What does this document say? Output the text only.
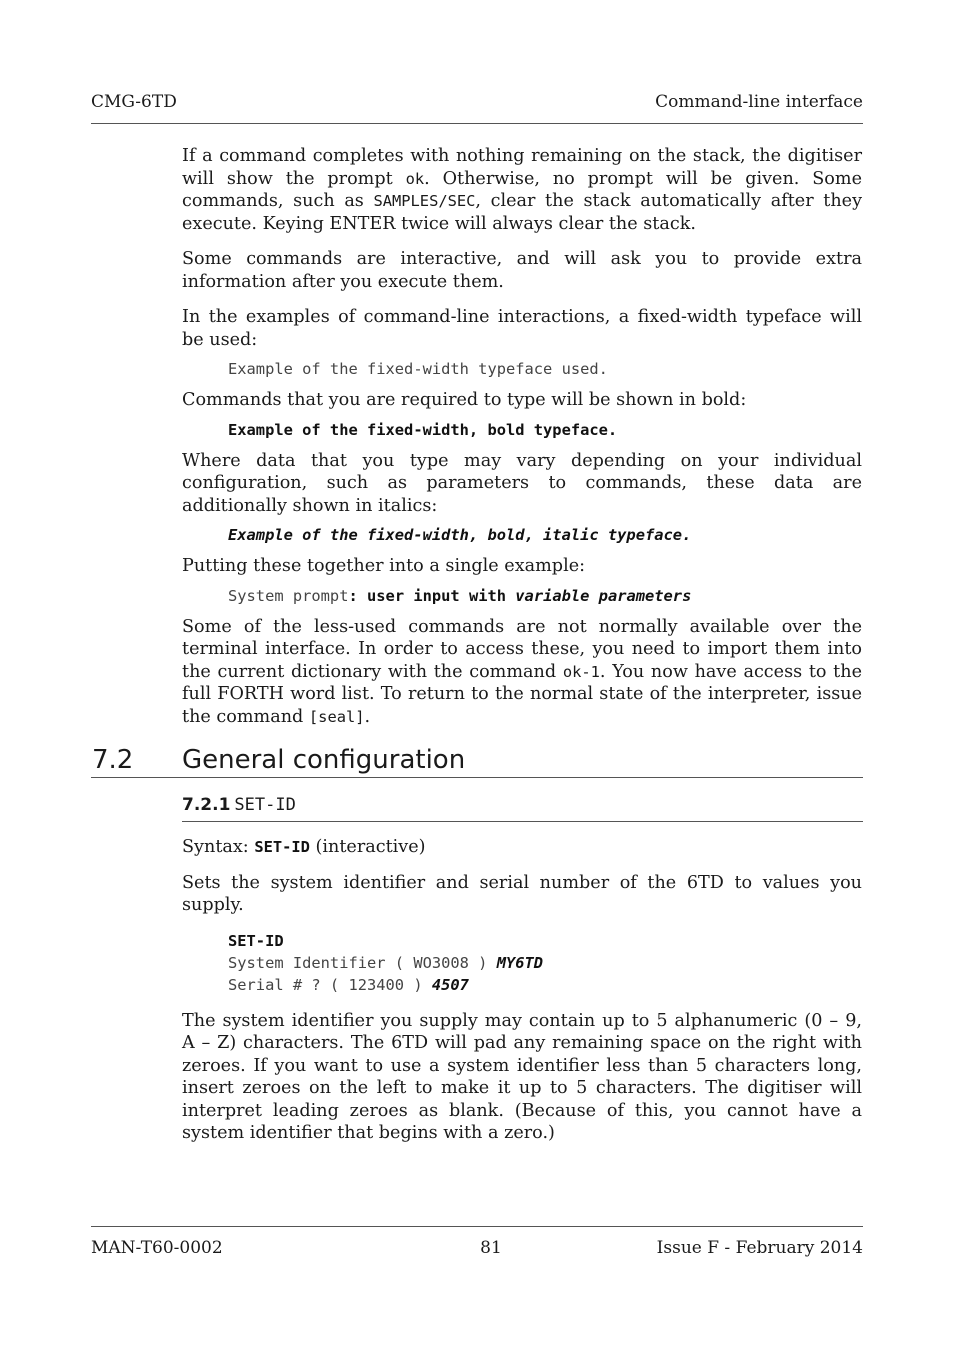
CMG-6TD	Command-line interface

If a command completes with nothing remaining on the stack, the digitiser will show the prompt ok. Otherwise, no prompt will be given. Some commands, such as SAMPLES/SEC, clear the stack automatically after they execute. Keying ENTER twice will always clear the stack.

Some commands are interactive, and will ask you to provide extra information after you execute them.

In the examples of command-line interactions, a fixed-width typeface will be used:

Example of the fixed-width typeface used.

Commands that you are required to type will be shown in bold:

Example of the fixed-width, bold typeface.

Where data that you type may vary depending on your individual configuration, such as parameters to commands, these data are additionally shown in italics:

Example of the fixed-width, bold, italic typeface.

Putting these together into a single example:

System prompt: user input with variable parameters

Some of the less-used commands are not normally available over the terminal interface. In order to access these, you need to import them into the current dictionary with the command ok-1. You now have access to the full FORTH word list. To return to the normal state of the interpreter, issue the command [seal].

7.2 General configuration
7.2.1 SET-ID

Syntax: SET-ID (interactive)

Sets the system identifier and serial number of the 6TD to values you supply.

SET-ID
System Identifier ( WO3008 ) MY6TD
Serial # ? ( 123400 ) 4507

The system identifier you supply may contain up to 5 alphanumeric (0 – 9, A – Z) characters. The 6TD will pad any remaining space on the right with zeroes. If you want to use a system identifier less than 5 characters long, insert zeroes on the left to make it up to 5 characters. The digitiser will interpret leading zeroes as blank. (Because of this, you cannot have a system identifier that begins with a zero.)

MAN-T60-0002	81	Issue F - February 2014
